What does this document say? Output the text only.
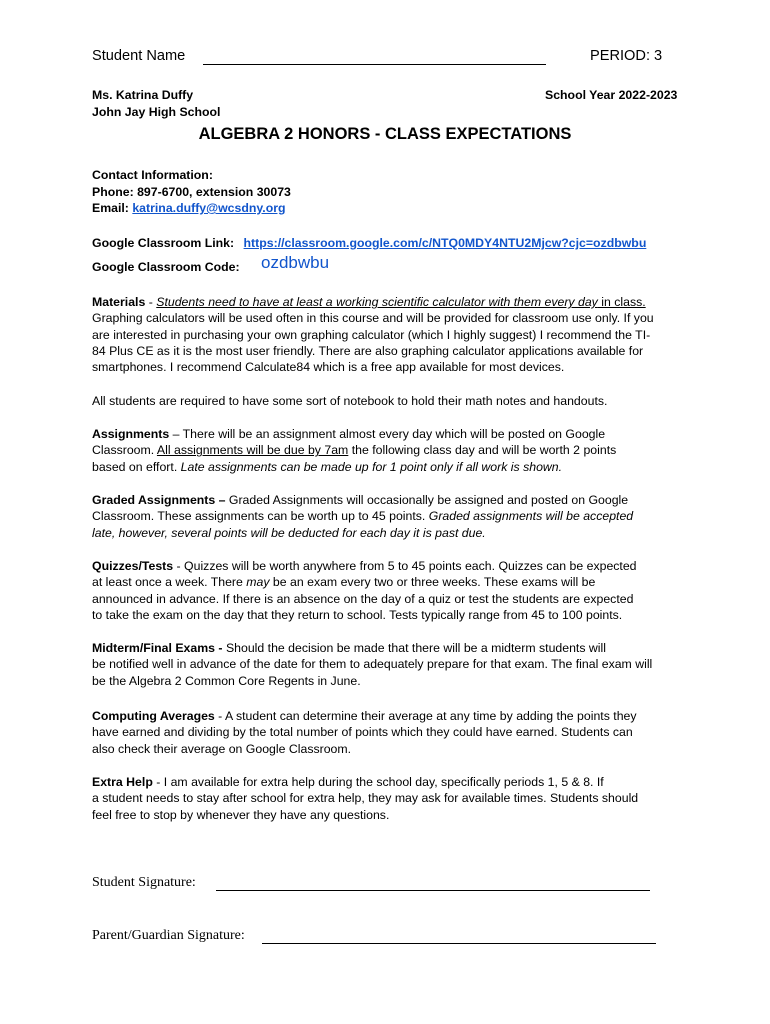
Student Name	PERIOD: 3
Ms. Katrina Duffy
John Jay High School
School Year 2022-2023
ALGEBRA 2 HONORS - CLASS EXPECTATIONS
Contact Information:
Phone: 897-6700, extension 30073
Email: katrina.duffy@wcsdny.org
Google Classroom Link: https://classroom.google.com/c/NTQ0MDY4NTU2Mjcw?cjc=ozdbwbu
Google Classroom Code: ozdbwbu

Materials - Students need to have at least a working scientific calculator with them every day in class.

Graphing calculators will be used often in this course and will be provided for classroom use only. If you

are interested in purchasing your own graphing calculator (which I highly suggest) I recommend the TI-

84 Plus CE as it is the most user friendly. There are also graphing calculator applications available for

smartphones. I recommend Calculate84 which is a free app available for most devices.

All students are required to have some sort of notebook to hold their math notes and handouts.

Assignments – There will be an assignment almost every day which will be posted on Google

Classroom. All assignments will be due by 7am the following class day and will be worth 2 points

based on effort. Late assignments can be made up for 1 point only if all work is shown.

Graded Assignments – Graded Assignments will occasionally be assigned and posted on Google

Classroom. These assignments can be worth up to 45 points. Graded assignments will be accepted

late, however, several points will be deducted for each day it is past due.

Quizzes/Tests - Quizzes will be worth anywhere from 5 to 45 points each. Quizzes can be expected

at least once a week. There may be an exam every two or three weeks. These exams will be

announced in advance. If there is an absence on the day of a quiz or test the students are expected

to take the exam on the day that they return to school. Tests typically range from 45 to 100 points.

Midterm/Final Exams - Should the decision be made that there will be a midterm students will

be notified well in advance of the date for them to adequately prepare for that exam. The final exam will

be the Algebra 2 Common Core Regents in June.

Computing Averages - A student can determine their average at any time by adding the points they

have earned and dividing by the total number of points which they could have earned. Students can

also check their average on Google Classroom.

Extra Help - I am available for extra help during the school day, specifically periods 1, 5 & 8. If

a student needs to stay after school for extra help, they may ask for available times. Students should

feel free to stop by whenever they have any questions.

Student Signature:
Parent/Guardian Signature:
